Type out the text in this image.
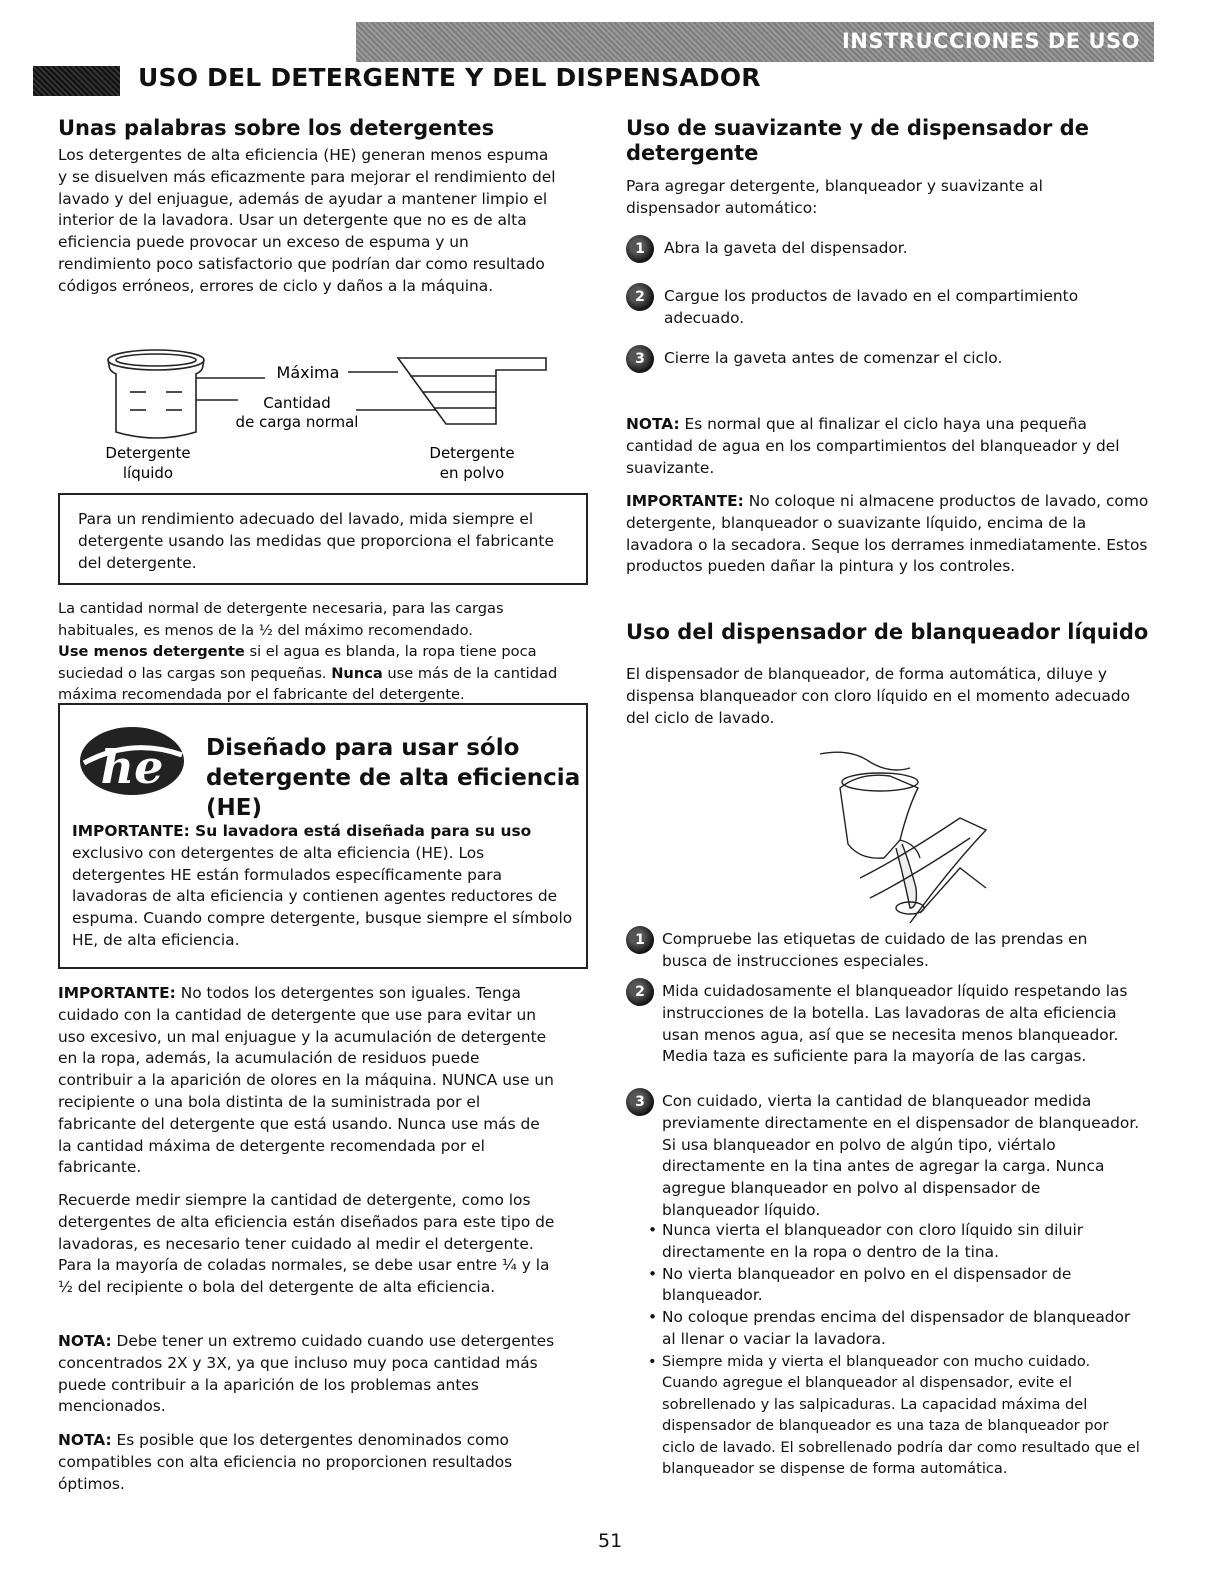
INSTRUCCIONES DE USO
USO DEL DETERGENTE Y DEL DISPENSADOR
Unas palabras sobre los detergentes

Los detergentes de alta eficiencia (HE) generan menos espuma y se disuelven más eficazmente para mejorar el rendimiento del lavado y del enjuague, además de ayudar a mantener limpio el interior de la lavadora. Usar un detergente que no es de alta eficiencia puede provocar un exceso de espuma y un rendimiento poco satisfactorio que podrían dar como resultado códigos erróneos, errores de ciclo y daños a la máquina.

Máxima
Cantidad
de carga normal
Detergente
líquido
Detergente
en polvo

Para un rendimiento adecuado del lavado, mida siempre el detergente usando las medidas que proporciona el fabricante del detergente.

La cantidad normal de detergente necesaria, para las cargas habituales, es menos de la ½ del máximo recomendado.
Use menos detergente si el agua es blanda, la ropa tiene poca suciedad o las cargas son pequeñas. Nunca use más de la cantidad máxima recomendada por el fabricante del detergente.

he Diseñado para usar sólo
detergente de alta eficiencia (HE)

IMPORTANTE: Su lavadora está diseñada para su uso
exclusivo con detergentes de alta eficiencia (HE). Los detergentes HE están formulados específicamente para lavadoras de alta eficiencia y contienen agentes reductores de espuma. Cuando compre detergente, busque siempre el símbolo HE, de alta eficiencia.

IMPORTANTE: No todos los detergentes son iguales. Tenga cuidado con la cantidad de detergente que use para evitar un uso excesivo, un mal enjuague y la acumulación de detergente en la ropa, además, la acumulación de residuos puede contribuir a la aparición de olores en la máquina. NUNCA use un recipiente o una bola distinta de la suministrada por el fabricante del detergente que está usando. Nunca use más de la cantidad máxima de detergente recomendada por el fabricante.

Recuerde medir siempre la cantidad de detergente, como los detergentes de alta eficiencia están diseñados para este tipo de lavadoras, es necesario tener cuidado al medir el detergente. Para la mayoría de coladas normales, se debe usar entre ¼ y la ½ del recipiente o bola del detergente de alta eficiencia.

NOTA: Debe tener un extremo cuidado cuando use detergentes concentrados 2X y 3X, ya que incluso muy poca cantidad más puede contribuir a la aparición de los problemas antes mencionados.

NOTA: Es posible que los detergentes denominados como compatibles con alta eficiencia no proporcionen resultados óptimos.

Uso de suavizante y de dispensador de detergente

Para agregar detergente, blanqueador y suavizante al dispensador automático:

1	Abra la gaveta del dispensador.

2	Cargue los productos de lavado en el compartimiento adecuado.

3	Cierre la gaveta antes de comenzar el ciclo.

NOTA: Es normal que al finalizar el ciclo haya una pequeña cantidad de agua en los compartimientos del blanqueador y del suavizante.

IMPORTANTE: No coloque ni almacene productos de lavado, como detergente, blanqueador o suavizante líquido, encima de la lavadora o la secadora. Seque los derrames inmediatamente. Estos productos pueden dañar la pintura y los controles.

Uso del dispensador de blanqueador líquido

El dispensador de blanqueador, de forma automática, diluye y dispensa blanqueador con cloro líquido en el momento adecuado del ciclo de lavado.

1	Compruebe las etiquetas de cuidado de las prendas en busca de instrucciones especiales.

2	Mida cuidadosamente el blanqueador líquido respetando las instrucciones de la botella. Las lavadoras de alta eficiencia usan menos agua, así que se necesita menos blanqueador. Media taza es suficiente para la mayoría de las cargas.

3	Con cuidado, vierta la cantidad de blanqueador medida previamente directamente en el dispensador de blanqueador. Si usa blanqueador en polvo de algún tipo, viértalo directamente en la tina antes de agregar la carga. Nunca agregue blanqueador en polvo al dispensador de blanqueador líquido.

• Nunca vierta el blanqueador con cloro líquido sin diluir directamente en la ropa o dentro de la tina.
• No vierta blanqueador en polvo en el dispensador de blanqueador.
• No coloque prendas encima del dispensador de blanqueador al llenar o vaciar la lavadora.
• Siempre mida y vierta el blanqueador con mucho cuidado. Cuando agregue el blanqueador al dispensador, evite el sobrellenado y las salpicaduras. La capacidad máxima del dispensador de blanqueador es una taza de blanqueador por ciclo de lavado. El sobrellenado podría dar como resultado que el blanqueador se dispense de forma automática.
51
